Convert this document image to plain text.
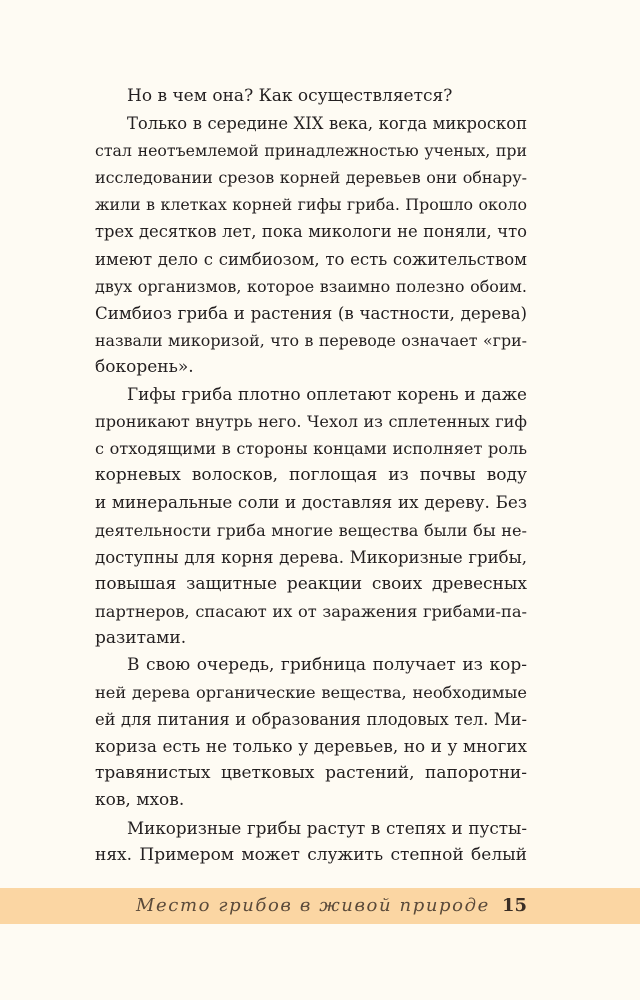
Но в чем она? Как осуществляется?
Только в середине XIX века, когда микроскоп
стал неотъемлемой принадлежностью ученых, при
исследовании срезов корней деревьев они обнару-
жили в клетках корней гифы гриба. Прошло около
трех десятков лет, пока микологи не поняли, что
имеют дело с симбиозом, то есть сожительством
двух организмов, которое взаимно полезно обоим.
Симбиоз гриба и растения (в частности, дерева)
назвали микоризой, что в переводе означает «гри-
бокорень».
Гифы гриба плотно оплетают корень и даже
проникают внутрь него. Чехол из сплетенных гиф
с отходящими в стороны концами исполняет роль
корневых волосков, поглощая из почвы воду
и минеральные соли и доставляя их дереву. Без
деятельности гриба многие вещества были бы не-
доступны для корня дерева. Микоризные грибы,
повышая защитные реакции своих древесных
партнеров, спасают их от заражения грибами-па-
разитами.
В свою очередь, грибница получает из кор-
ней дерева органические вещества, необходимые
ей для питания и образования плодовых тел. Ми-
кориза есть не только у деревьев, но и у многих
травянистых цветковых растений, папоротни-
ков, мхов.
Микоризные грибы растут в степях и пусты-
нях. Примером может служить степной белый
Место грибов в живой природе 15
